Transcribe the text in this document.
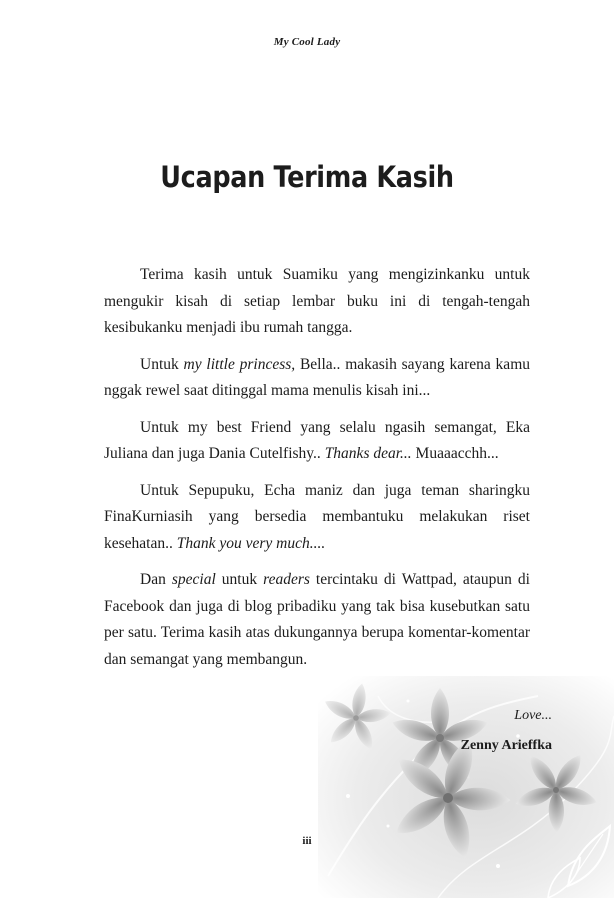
My Cool Lady
Ucapan Terima Kasih

Terima kasih untuk Suamiku yang mengizinkanku untuk mengukir kisah di setiap lembar buku ini di tengah-tengah kesibukanku menjadi ibu rumah tangga.

Untuk my little princess, Bella.. makasih sayang karena kamu nggak rewel saat ditinggal mama menulis kisah ini...

Untuk my best Friend yang selalu ngasih semangat, Eka Juliana dan juga Dania Cutelfishy.. Thanks dear... Muaaacchh...

Untuk Sepupuku, Echa maniz dan juga teman sharingku FinaKurniasih yang bersedia membantuku melakukan riset kesehatan.. Thank you very much....

Dan special untuk readers tercintaku di Wattpad, ataupun di Facebook dan juga di blog pribadiku yang tak bisa kusebutkan satu per satu. Terima kasih atas dukungannya berupa komentar-komentar dan semangat yang membangun.

Love...
Zenny Arieffka
iii
